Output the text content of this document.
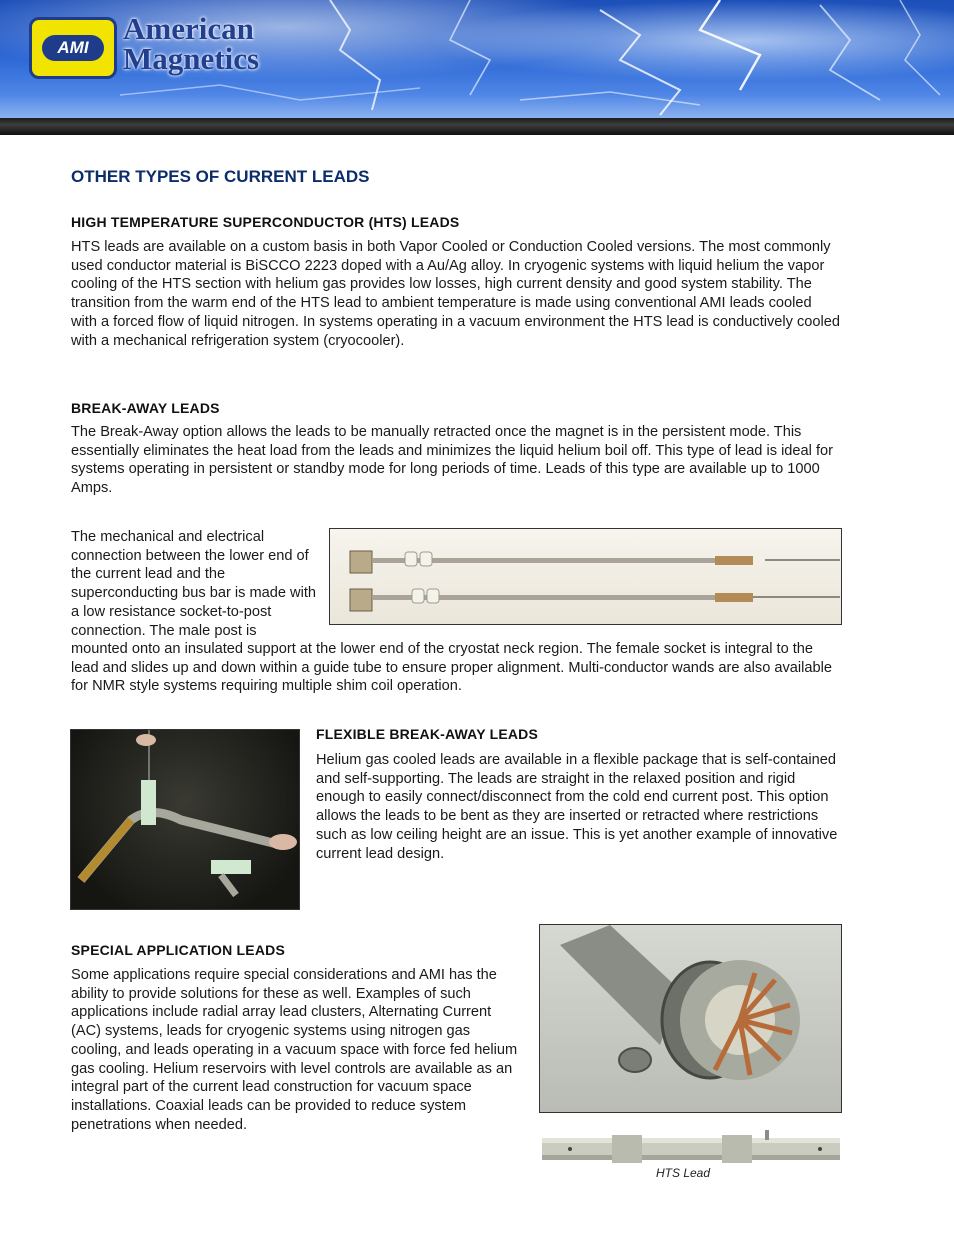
AMI
American
Magnetics
OTHER TYPES OF CURRENT LEADS
HIGH TEMPERATURE SUPERCONDUCTOR (HTS) LEADS

HTS leads are available on a custom basis in both Vapor Cooled or Conduction Cooled versions. The most commonly used conductor material is BiSCCO 2223 doped with a Au/Ag alloy. In cryogenic systems with liquid helium the vapor cooling of the HTS section with helium gas provides low losses, high current density and good system stability. The transition from the warm end of the HTS lead to ambient temperature is made using conventional AMI leads cooled with a forced flow of liquid nitrogen. In systems operating in a vacuum environment the HTS lead is conductively cooled with a mechanical refrigeration system (cryocooler).

BREAK-AWAY LEADS

The Break-Away option allows the leads to be manually retracted once the magnet is in the persistent mode. This essentially eliminates the heat load from the leads and minimizes the liquid helium boil off. This type of lead is ideal for systems operating in persistent or standby mode for long periods of time. Leads of this type are available up to 1000 Amps.

The mechanical and electrical connection between the lower end of the current lead and the superconducting bus bar is made with a low resistance socket-to-post connection. The male post is

mounted onto an insulated support at the lower end of the cryostat neck region. The female socket is integral to the lead and slides up and down within a guide tube to ensure proper alignment. Multi-conductor wands are also available for NMR style systems requiring multiple shim coil operation.

FLEXIBLE BREAK-AWAY LEADS

Helium gas cooled leads are available in a flexible package that is self-contained and self-supporting. The leads are straight in the relaxed position and rigid enough to easily connect/disconnect from the cold end current post. This option allows the leads to be bent as they are inserted or retracted where restrictions such as low ceiling height are an issue. This is yet another example of innovative current lead design.

SPECIAL APPLICATION LEADS

Some applications require special considerations and AMI has the ability to provide solutions for these as well. Examples of such applications include radial array lead clusters, Alternating Current (AC) systems, leads for cryogenic systems using nitrogen gas cooling, and leads operating in a vacuum space with force fed helium gas cooling. Helium reservoirs with level controls are available as an integral part of the current lead construction for vacuum space installations. Coaxial leads can be provided to reduce system penetrations when needed.

HTS Lead
